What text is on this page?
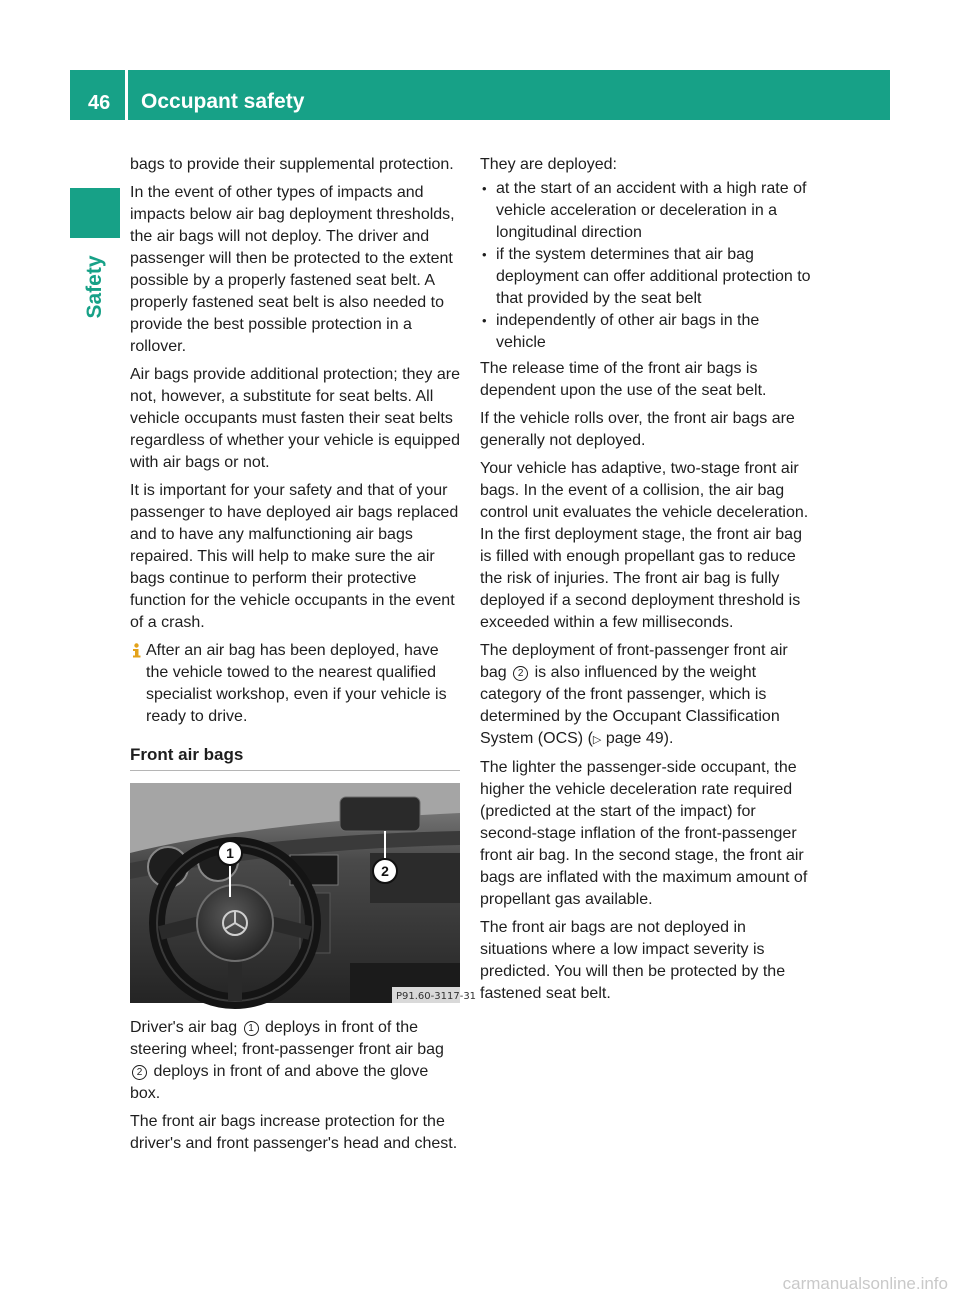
46 Occupant safety
Safety

bags to provide their supplemental protection.

In the event of other types of impacts and impacts below air bag deployment thresholds, the air bags will not deploy. The driver and passenger will then be protected to the extent possible by a properly fastened seat belt. A properly fastened seat belt is also needed to provide the best possible protection in a rollover.

Air bags provide additional protection; they are not, however, a substitute for seat belts. All vehicle occupants must fasten their seat belts regardless of whether your vehicle is equipped with air bags or not.

It is important for your safety and that of your passenger to have deployed air bags replaced and to have any malfunctioning air bags repaired. This will help to make sure the air bags continue to perform their protective function for the vehicle occupants in the event of a crash.

After an air bag has been deployed, have the vehicle towed to the nearest qualified specialist workshop, even if your vehicle is ready to drive.
Front air bags
1
2
P91.60-3117-31

Driver's air bag 1 deploys in front of the steering wheel; front-passenger front air bag 2 deploys in front of and above the glove box.

The front air bags increase protection for the driver's and front passenger's head and chest.

They are deployed:

• at the start of an accident with a high rate of vehicle acceleration or deceleration in a longitudinal direction
• if the system determines that air bag deployment can offer additional protection to that provided by the seat belt
• independently of other air bags in the vehicle

The release time of the front air bags is dependent upon the use of the seat belt.

If the vehicle rolls over, the front air bags are generally not deployed.

Your vehicle has adaptive, two-stage front air bags. In the event of a collision, the air bag control unit evaluates the vehicle deceleration. In the first deployment stage, the front air bag is filled with enough propellant gas to reduce the risk of injuries. The front air bag is fully deployed if a second deployment threshold is exceeded within a few milliseconds.

The deployment of front-passenger front air bag 2 is also influenced by the weight category of the front passenger, which is determined by the Occupant Classification System (OCS) (▷ page 49).

The lighter the passenger-side occupant, the higher the vehicle deceleration rate required (predicted at the start of the impact) for second-stage inflation of the front-passenger front air bag. In the second stage, the front air bags are inflated with the maximum amount of propellant gas available.

The front air bags are not deployed in situations where a low impact severity is predicted. You will then be protected by the fastened seat belt.

carmanualsonline.info
